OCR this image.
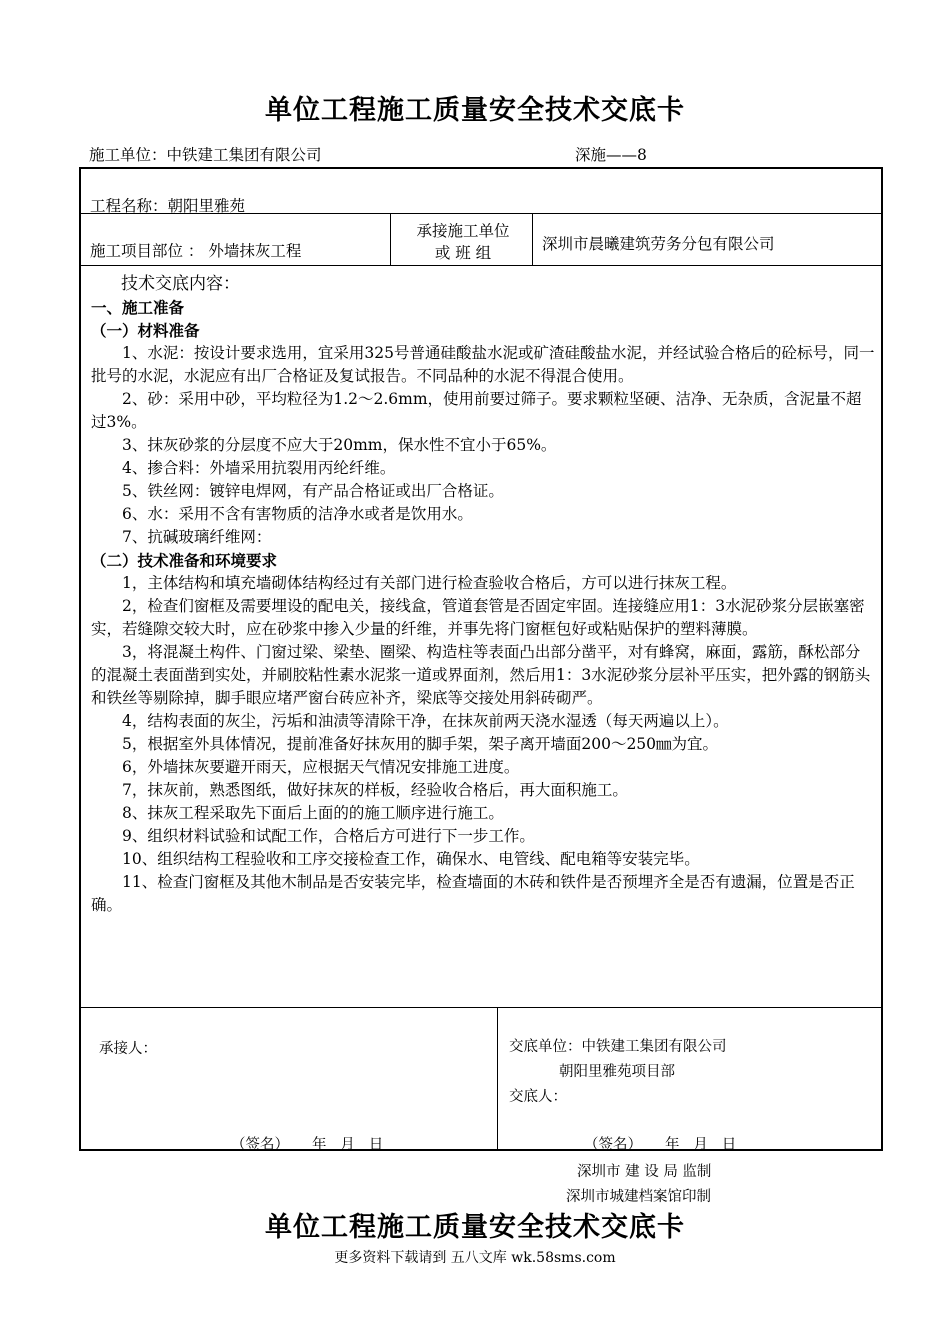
单位工程施工质量安全技术交底卡
施工单位：中铁建工集团有限公司	深施——8
工程名称：朝阳里雅苑
施工项目部位 ： 外墙抹灰工程
承接施工单位
或 班 组	深圳市晨曦建筑劳务分包有限公司

技术交底内容：

一、施工准备

（一）材料准备

1、水泥：按设计要求选用，宜采用325号普通硅酸盐水泥或矿渣硅酸盐水泥，并经试验合格后的砼标号，同一批号的水泥，水泥应有出厂合格证及复试报告。不同品种的水泥不得混合使用。

2、砂：采用中砂，平均粒径为1.2～2.6mm，使用前要过筛子。要求颗粒坚硬、洁净、无杂质，含泥量不超过3%。

3、抹灰砂浆的分层度不应大于20mm，保水性不宜小于65%。

4、掺合料：外墙采用抗裂用丙纶纤维。

5、铁丝网：镀锌电焊网，有产品合格证或出厂合格证。

6、水：采用不含有害物质的洁净水或者是饮用水。

7、抗碱玻璃纤维网：

（二）技术准备和环境要求

1，主体结构和填充墙砌体结构经过有关部门进行检查验收合格后，方可以进行抹灰工程。

2，检查们窗框及需要埋设的配电关，接线盒，管道套管是否固定牢固。连接缝应用1：3水泥砂浆分层嵌塞密实，若缝隙交较大时，应在砂浆中掺入少量的纤维，并事先将门窗框包好或粘贴保护的塑料薄膜。

3，将混凝土构件、门窗过梁、梁垫、圈梁、构造柱等表面凸出部分凿平，对有蜂窝，麻面，露筋，酥松部分的混凝土表面凿到实处，并刷胶粘性素水泥浆一道或界面剂，然后用1：3水泥砂浆分层补平压实，把外露的钢筋头和铁丝等剔除掉，脚手眼应堵严窗台砖应补齐，梁底等交接处用斜砖砌严。

4，结构表面的灰尘，污垢和油渍等清除干净，在抹灰前两天浇水湿透（每天两遍以上）。

5，根据室外具体情况，提前准备好抹灰用的脚手架，架子离开墙面200～250㎜为宜。

6，外墙抹灰要避开雨天，应根据天气情况安排施工进度。

7，抹灰前，熟悉图纸，做好抹灰的样板，经验收合格后，再大面积施工。

8、抹灰工程采取先下面后上面的的施工顺序进行施工。

9、组织材料试验和试配工作，合格后方可进行下一步工作。

10、组织结构工程验收和工序交接检查工作，确保水、电管线、配电箱等安装完毕。

11、检查门窗框及其他木制品是否安装完毕，检查墙面的木砖和铁件是否预埋齐全是否有遗漏，位置是否正确。

承接人：
（签名）     年   月   日
交底单位：中铁建工集团有限公司
朝阳里雅苑项目部
交底人：
（签名）     年   月   日
深圳市 建 设 局 监制
深圳市城建档案馆印制
单位工程施工质量安全技术交底卡
更多资料下载请到 五八文库 wk.58sms.com
